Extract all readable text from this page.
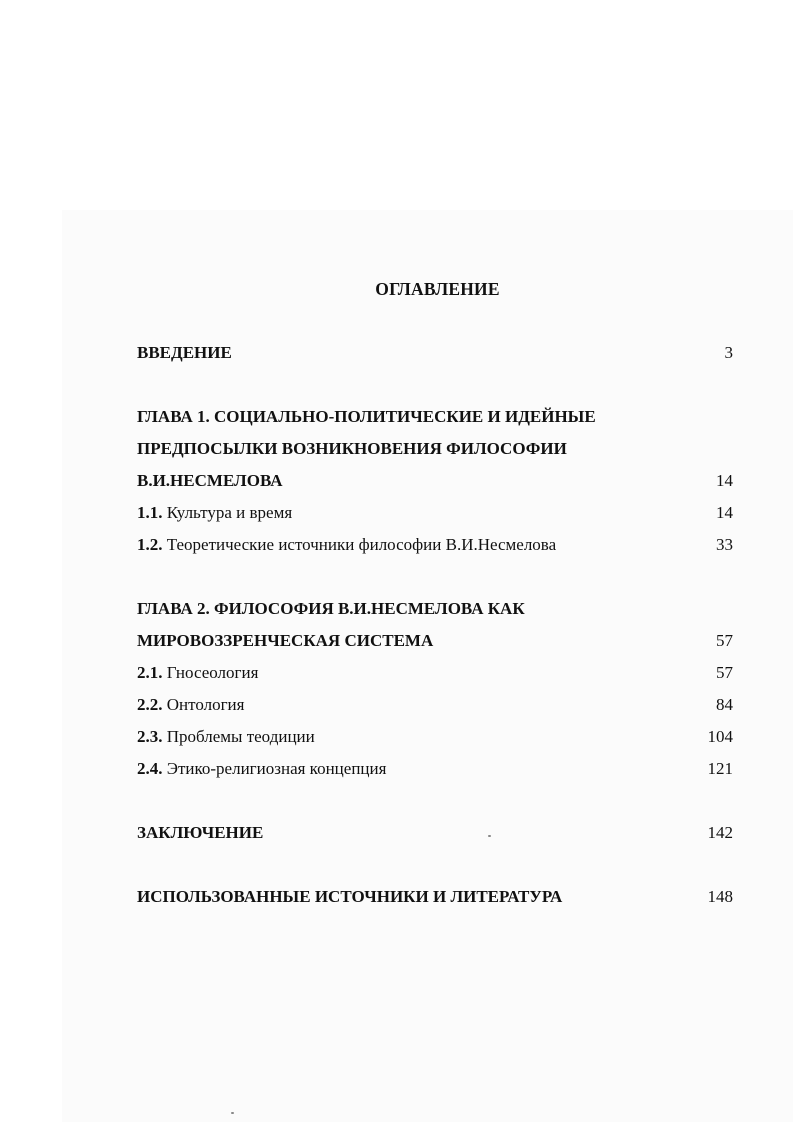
ОГЛАВЛЕНИЕ
ВВЕДЕНИЕ	3
ГЛАВА 1. СОЦИАЛЬНО-ПОЛИТИЧЕСКИЕ И ИДЕЙНЫЕ
ПРЕДПОСЫЛКИ ВОЗНИКНОВЕНИЯ ФИЛОСОФИИ
В.И.НЕСМЕЛОВА	14
1.1. Культура и время	14
1.2. Теоретические источники философии В.И.Несмелова	33
ГЛАВА 2. ФИЛОСОФИЯ В.И.НЕСМЕЛОВА КАК
МИРОВОЗЗРЕНЧЕСКАЯ СИСТЕМА	57
2.1. Гносеология	57
2.2. Онтология	84
2.3. Проблемы теодиции	104
2.4. Этико-религиозная концепция	121
ЗАКЛЮЧЕНИЕ	142
ИСПОЛЬЗОВАННЫЕ ИСТОЧНИКИ И ЛИТЕРАТУРА	148
